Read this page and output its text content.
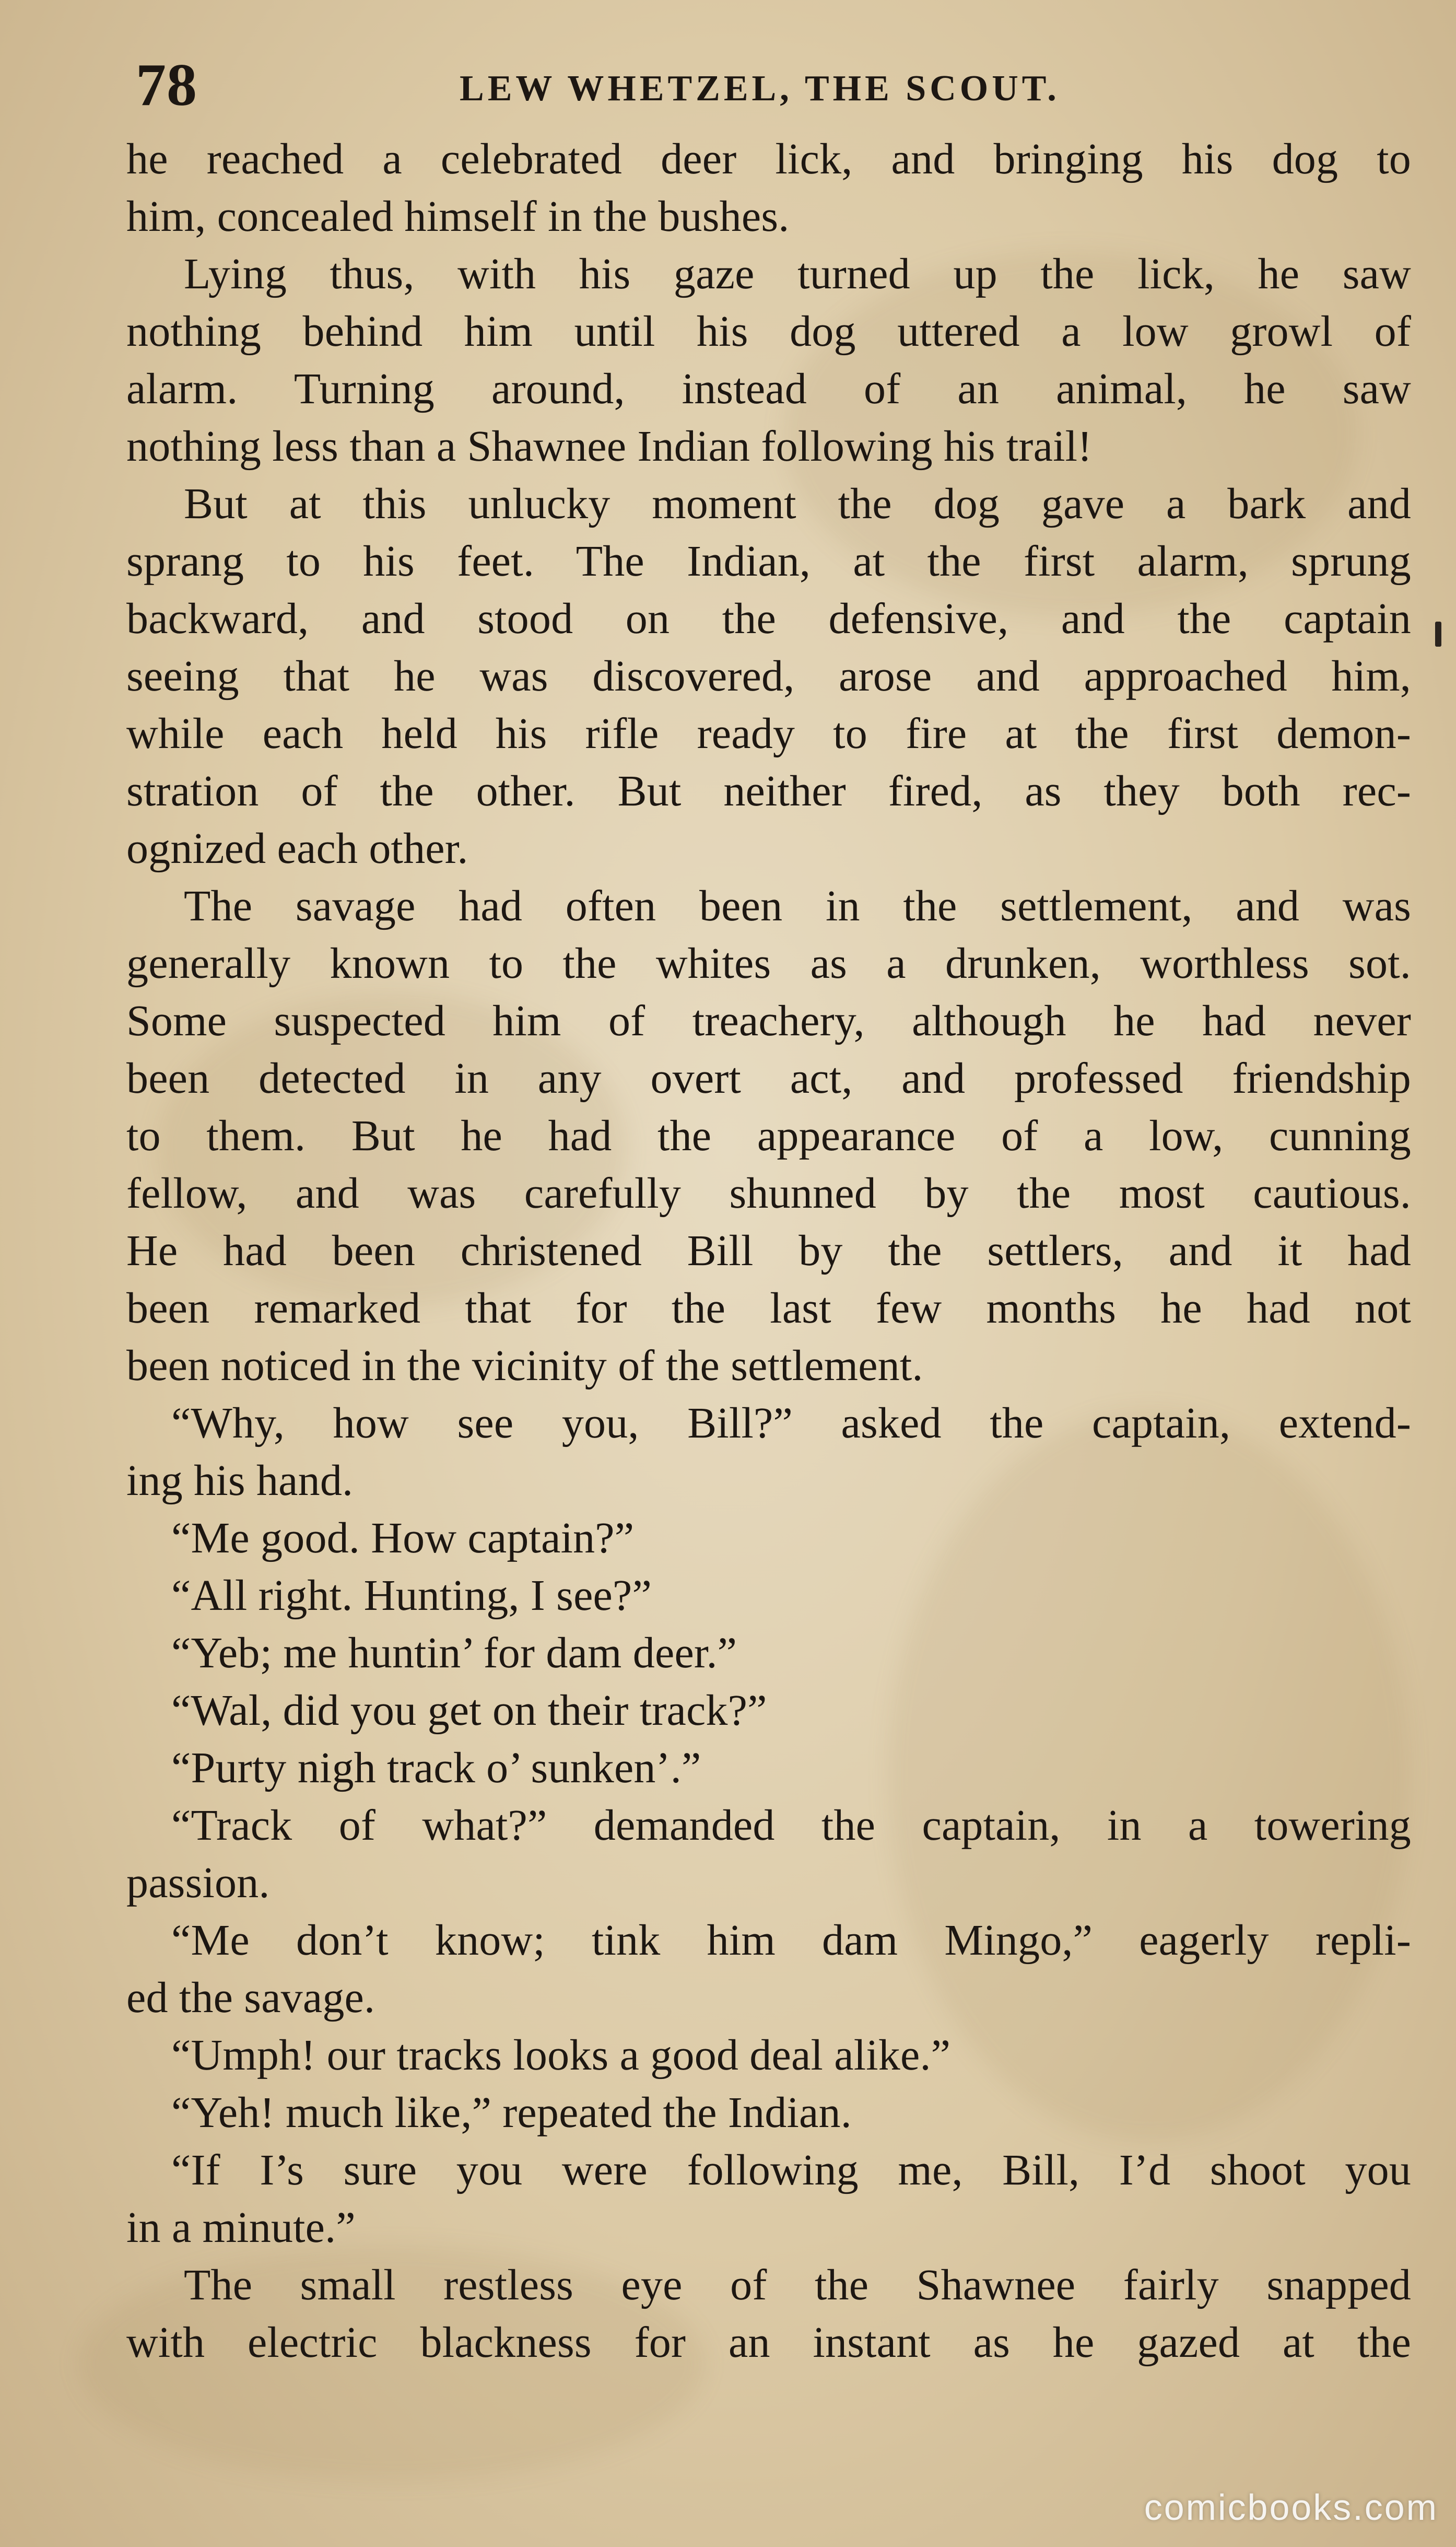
78	LEW WHETZEL, THE SCOUT.
he reached a celebrated deer lick, and bringing his dog to
him, concealed himself in the bushes.
Lying thus, with his gaze turned up the lick, he saw
nothing behind him until his dog uttered a low growl of
alarm. Turning around, instead of an animal, he saw
nothing less than a Shawnee Indian following his trail!
But at this unlucky moment the dog gave a bark and
sprang to his feet. The Indian, at the first alarm, sprung
backward, and stood on the defensive, and the captain
seeing that he was discovered, arose and approached him,
while each held his rifle ready to fire at the first demon-
stration of the other. But neither fired, as they both rec-
ognized each other.
The savage had often been in the settlement, and was
generally known to the whites as a drunken, worthless sot.
Some suspected him of treachery, although he had never
been detected in any overt act, and professed friendship
to them. But he had the appearance of a low, cunning
fellow, and was carefully shunned by the most cautious.
He had been christened Bill by the settlers, and it had
been remarked that for the last few months he had not
been noticed in the vicinity of the settlement.
“Why, how see you, Bill?” asked the captain, extend-
ing his hand.
“Me good. How captain?”
“All right. Hunting, I see?”
“Yeb; me huntin’ for dam deer.”
“Wal, did you get on their track?”
“Purty nigh track o’ sunken’.”
“Track of what?” demanded the captain, in a towering
passion.
“Me don’t know; tink him dam Mingo,” eagerly repli-
ed the savage.
“Umph! our tracks looks a good deal alike.”
“Yeh! much like,” repeated the Indian.
“If I’s sure you were following me, Bill, I’d shoot you
in a minute.”
The small restless eye of the Shawnee fairly snapped
with electric blackness for an instant as he gazed at the
comicbooks.com
